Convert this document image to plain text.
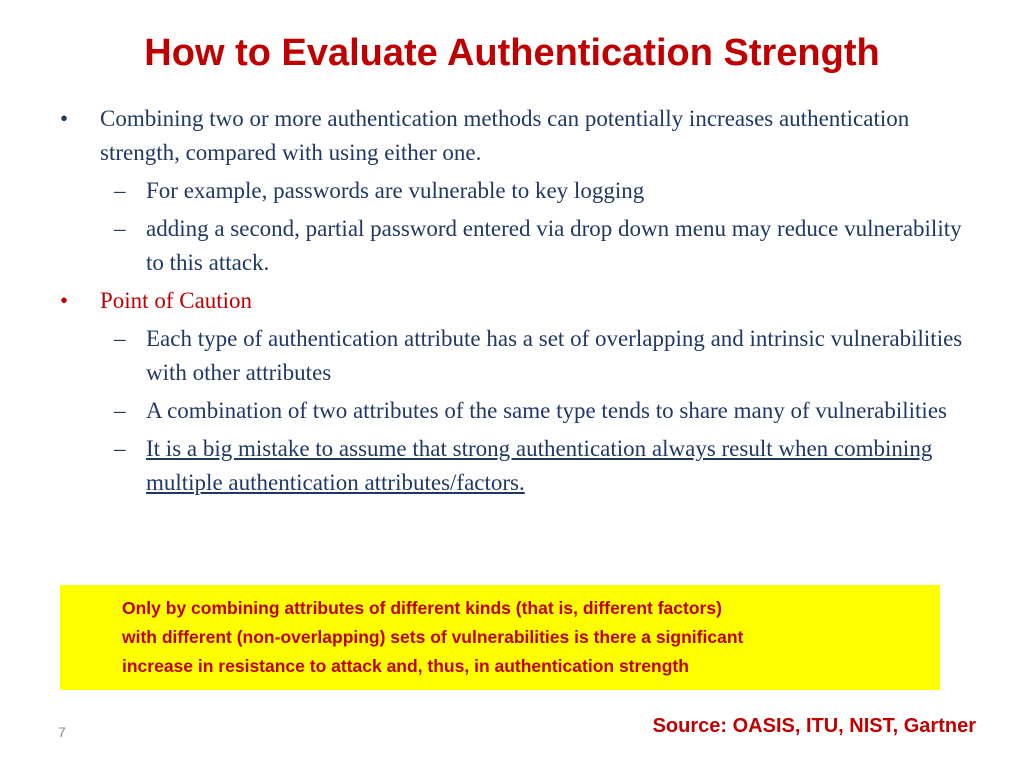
How to Evaluate Authentication Strength
• Combining two or more authentication methods can potentially increases authentication strength, compared with using either one.
– For example, passwords are vulnerable to key logging
– adding a second, partial password entered via drop down menu may reduce vulnerability to this attack.
• Point of Caution
– Each type of authentication attribute has a set of overlapping and intrinsic vulnerabilities with other attributes
– A combination of two attributes of the same type tends to share many of vulnerabilities
– It is a big mistake to assume that strong authentication always result when combining multiple authentication attributes/factors.
Only by combining attributes of different kinds (that is, different factors)
with different (non-overlapping) sets of vulnerabilities is there a significant
increase in resistance to attack and, thus, in authentication strength
7	Source: OASIS, ITU, NIST, Gartner
